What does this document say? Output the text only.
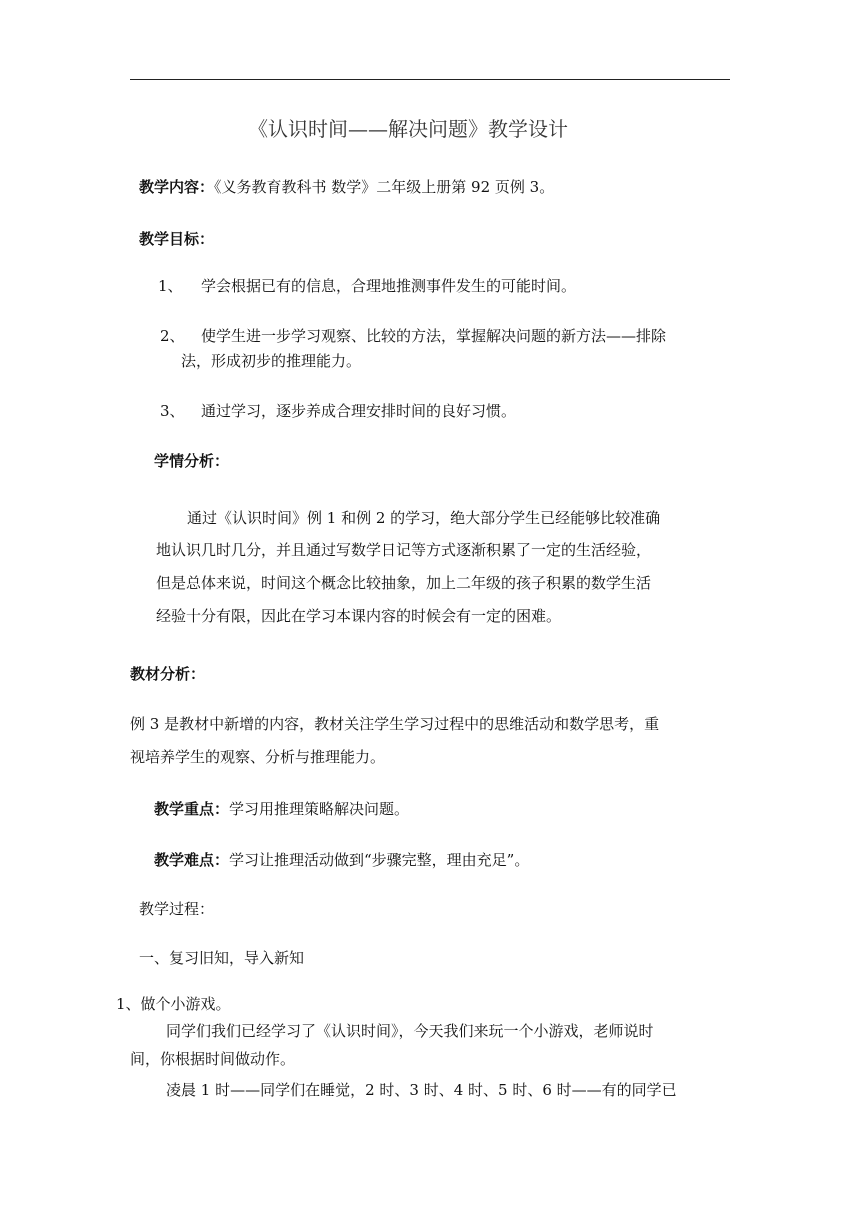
《认识时间——解决问题》教学设计
教学内容：《义务教育教科书 数学》二年级上册第 92 页例 3。
教学目标：
1、 学会根据已有的信息，合理地推测事件发生的可能时间。
2、 使学生进一步学习观察、比较的方法，掌握解决问题的新方法——排除
法，形成初步的推理能力。
3、 通过学习，逐步养成合理安排时间的良好习惯。
学情分析：
通过《认识时间》例 1 和例 2 的学习，绝大部分学生已经能够比较准确
地认识几时几分，并且通过写数学日记等方式逐渐积累了一定的生活经验，
但是总体来说，时间这个概念比较抽象，加上二年级的孩子积累的数学生活
经验十分有限，因此在学习本课内容的时候会有一定的困难。
教材分析：
例 3 是教材中新增的内容，教材关注学生学习过程中的思维活动和数学思考，重
视培养学生的观察、分析与推理能力。
教学重点：学习用推理策略解决问题。
教学难点：学习让推理活动做到“步骤完整，理由充足”。
教学过程：
一、复习旧知，导入新知
1、做个小游戏。
同学们我们已经学习了《认识时间》，今天我们来玩一个小游戏，老师说时
间，你根据时间做动作。
凌晨 1 时——同学们在睡觉，2 时、3 时、4 时、5 时、6 时——有的同学已
